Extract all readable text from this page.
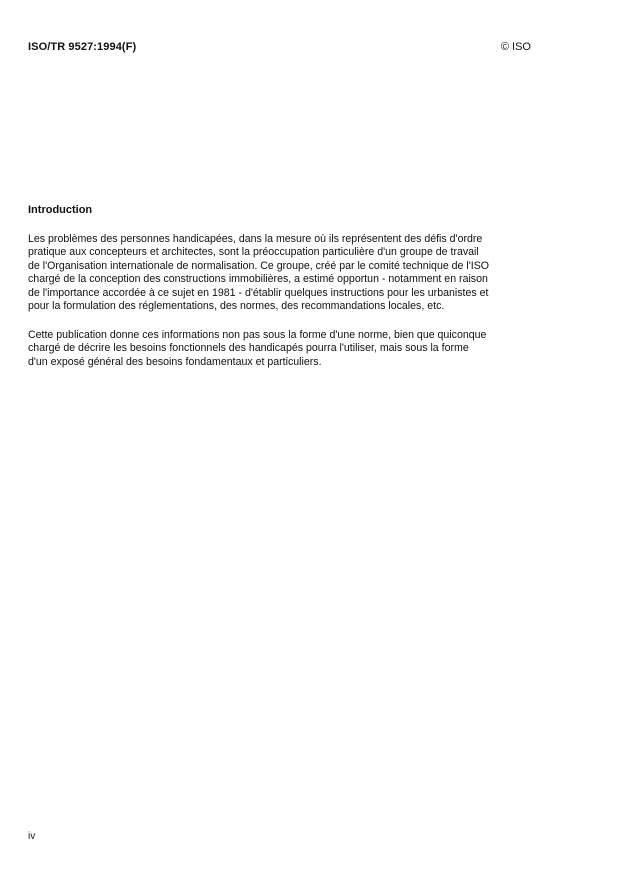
ISO/TR 9527:1994(F)	© ISO
Introduction

Les problèmes des personnes handicapées, dans la mesure où ils représentent des défis d'ordre
pratique aux concepteurs et architectes, sont la préoccupation particulière d'un groupe de travail
de l'Organisation internationale de normalisation. Ce groupe, créé par le comité technique de l'ISO
chargé de la conception des constructions immobilières, a estimé opportun - notamment en raison
de l'importance accordée à ce sujet en 1981 - d'établir quelques instructions pour les urbanistes et
pour la formulation des réglementations, des normes, des recommandations locales, etc.

Cette publication donne ces informations non pas sous la forme d'une norme, bien que quiconque
chargé de décrire les besoins fonctionnels des handicapés pourra l'utiliser, mais sous la forme
d'un exposé général des besoins fondamentaux et particuliers.

iv
